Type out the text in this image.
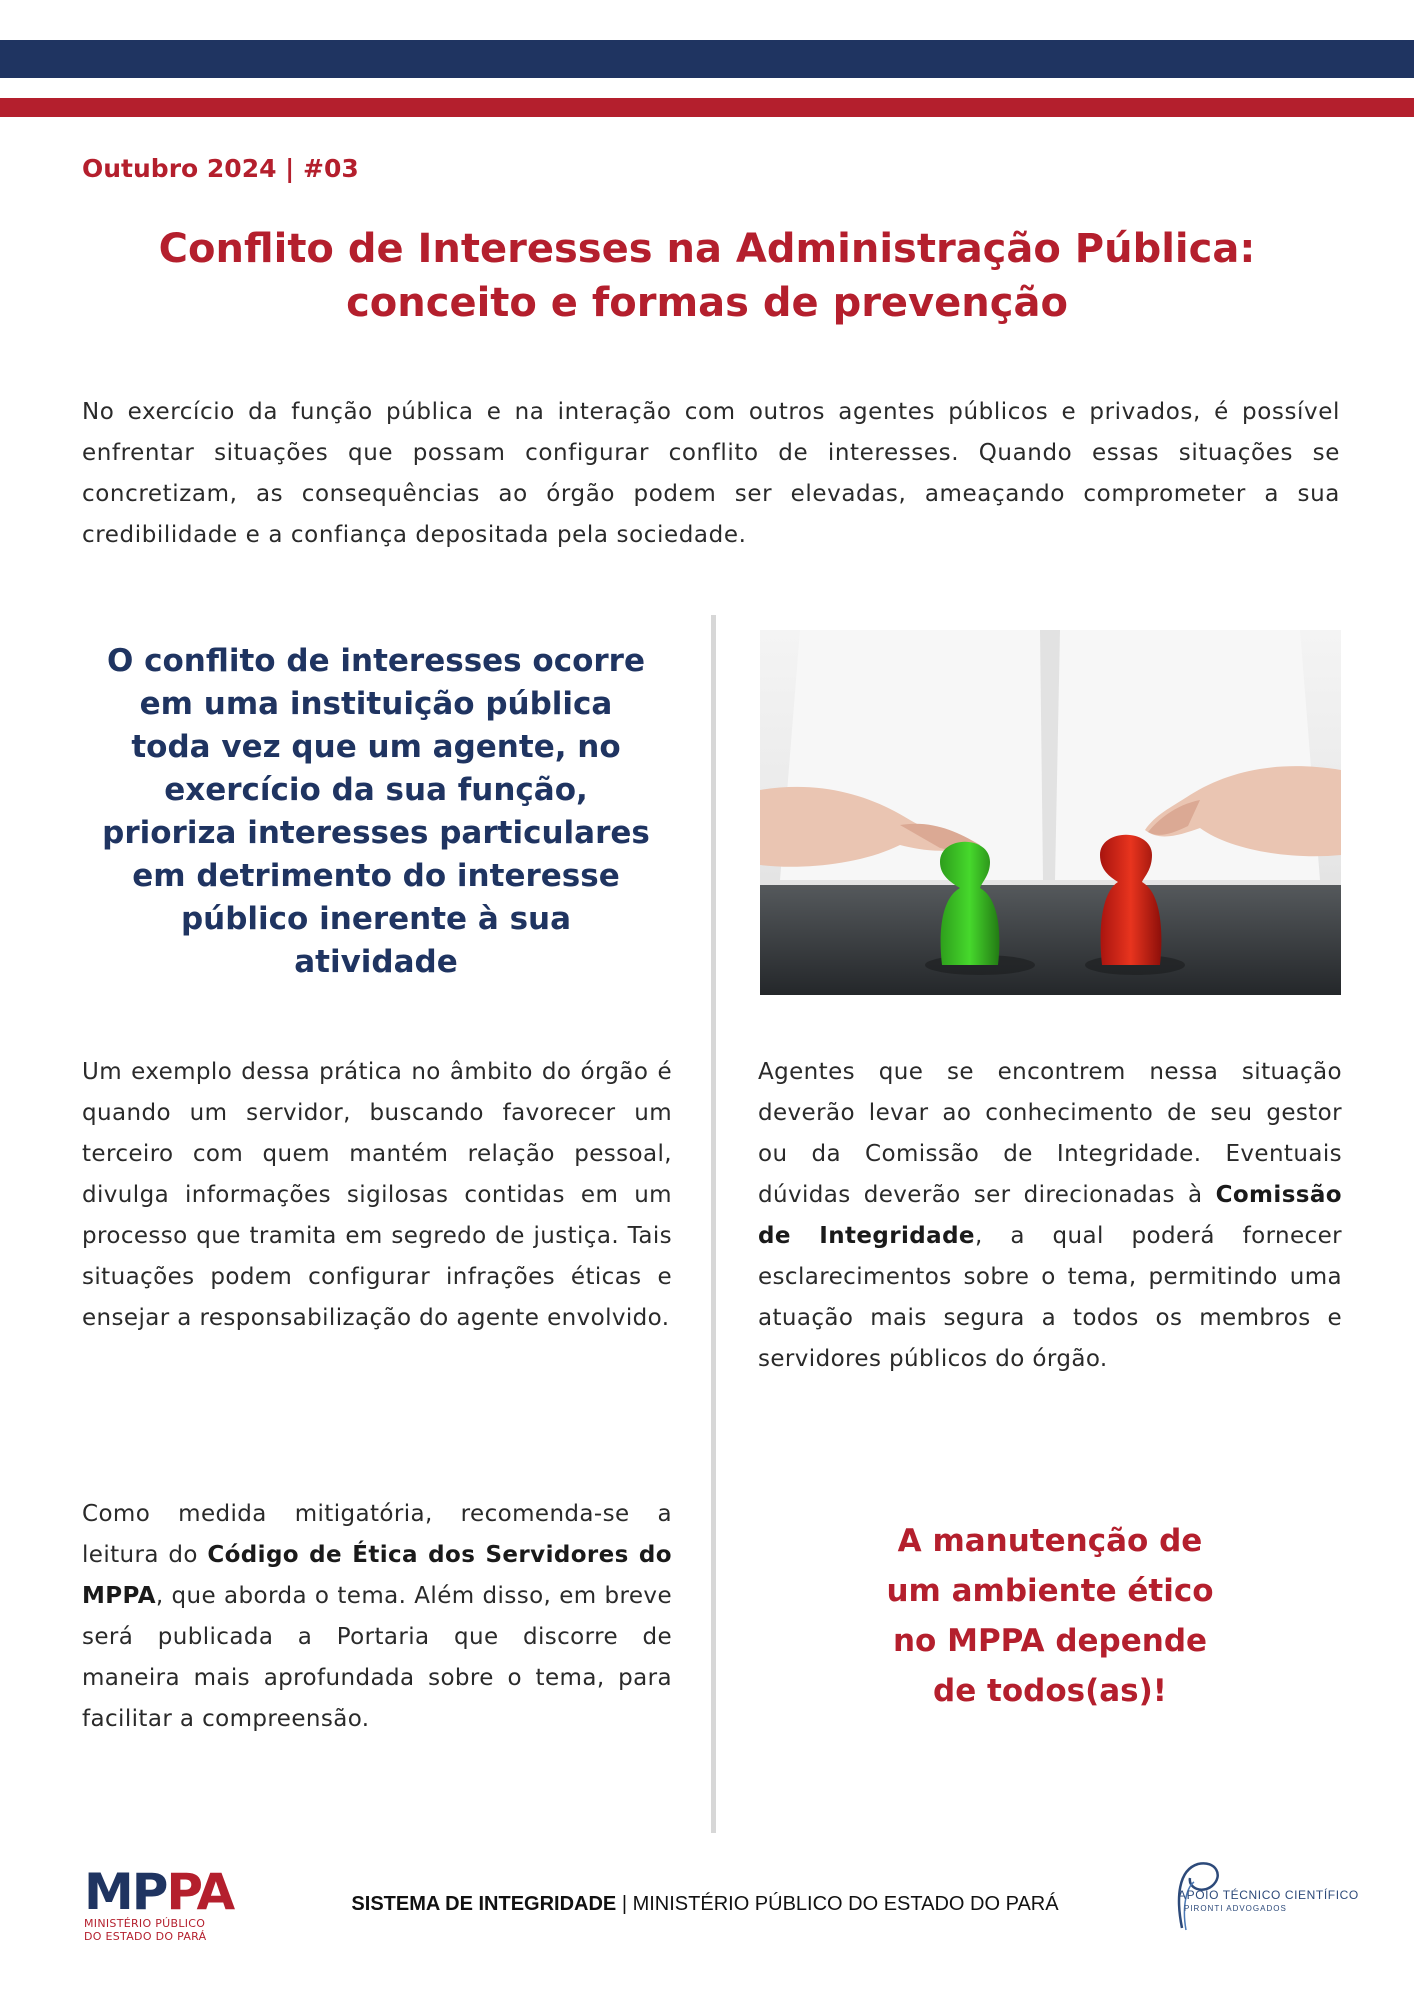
Outubro 2024 | #03
Conflito de Interesses na Administração Pública:
conceito e formas de prevenção

No exercício da função pública e na interação com outros agentes públicos e privados, é possível enfrentar situações que possam configurar conflito de interesses. Quando essas situações se concretizam, as consequências ao órgão podem ser elevadas, ameaçando comprometer a sua credibilidade e a confiança depositada pela sociedade.

O conflito de interesses ocorre em uma instituição pública toda vez que um agente, no exercício da sua função, prioriza interesses particulares em detrimento do interesse público inerente à sua atividade

Um exemplo dessa prática no âmbito do órgão é quando um servidor, buscando favorecer um terceiro com quem mantém relação pessoal, divulga informações sigilosas contidas em um processo que tramita em segredo de justiça. Tais situações podem configurar infrações éticas e ensejar a responsabilização do agente envolvido.

Como medida mitigatória, recomenda-se a leitura do Código de Ética dos Servidores do MPPA, que aborda o tema. Além disso, em breve será publicada a Portaria que discorre de maneira mais aprofundada sobre o tema, para facilitar a compreensão.

Agentes que se encontrem nessa situação deverão levar ao conhecimento de seu gestor ou da Comissão de Integridade. Eventuais dúvidas deverão ser direcionadas à Comissão de Integridade, a qual poderá fornecer esclarecimentos sobre o tema, permitindo uma atuação mais segura a todos os membros e servidores públicos do órgão.

A manutenção de
um ambiente ético
no MPPA depende
de todos(as)!

MPPA
MINISTÉRIO PÚBLICO
DO ESTADO DO PARÁ
SISTEMA DE INTEGRIDADE | MINISTÉRIO PÚBLICO DO ESTADO DO PARÁ	APOIO TÉCNICO CIENTÍFICO
PIRONTI ADVOGADOS
